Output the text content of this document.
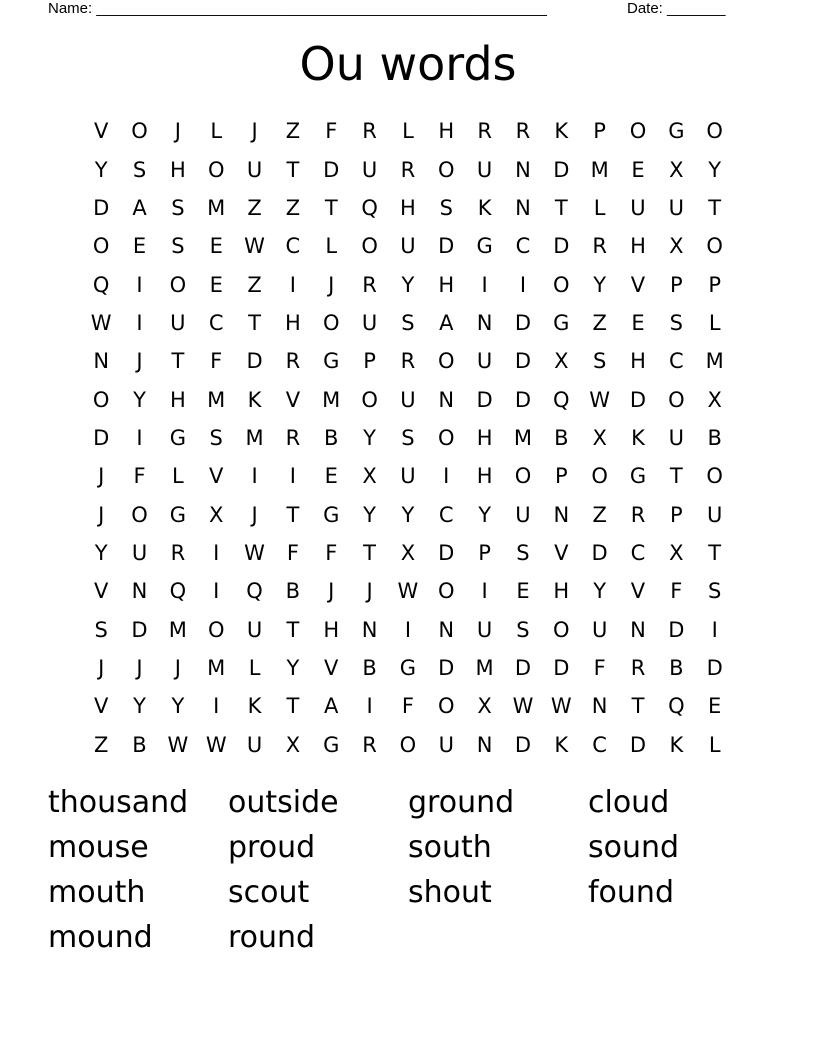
Name: ______________________________________________________	Date: _______
Ou words
V	O	J	L	J	Z	F	R	L	H	R	R	K	P	O	G	O
Y	S	H	O	U	T	D	U	R	O	U	N	D	M	E	X	Y
D	A	S	M	Z	Z	T	Q	H	S	K	N	T	L	U	U	T
O	E	S	E	W C	L	O	U	D	G	C	D	R	H	X	O
Q	I	O	E	Z	I	J	R	Y	H	I	I	O	Y	V	P	P
W	I	U	C	T	H	O	U	S	A	N	D	G	Z	E	S	L
N	J	T	F	D	R	G	P	R	O	U	D	X	S	H	C	M
O	Y	H	M	K	V	M	O	U	N	D	D	Q W D	O	X
D	I	G	S	M	R	B	Y	S	O	H	M	B	X	K	U	B
J	F	L	V	I	I	E	X	U	I	H	O	P	O	G	T	O
J	O	G	X	J	T	G	Y	Y	C	Y	U	N	Z	R	P	U
Y	U	R	I	W	F	F	T	X	D	P	S	V	D	C	X	T
V	N	Q	I	Q	B	J	J	W O	I	E	H	Y	V	F	S
S	D	M	O	U	T	H	N	I	N	U	S	O	U	N	D	I
J	J	J	M	L	Y	V	B	G	D	M	D	D	F	R	B	D
V	Y	Y	I	K	T	A	I	F	O	X W W N	T	Q	E
Z	B W W U	X	G	R	O	U	N	D	K	C	D	K	L
thousand	outside	ground	cloud
mouse	proud	south	sound
mouth	scout	shout	found
mound	round
